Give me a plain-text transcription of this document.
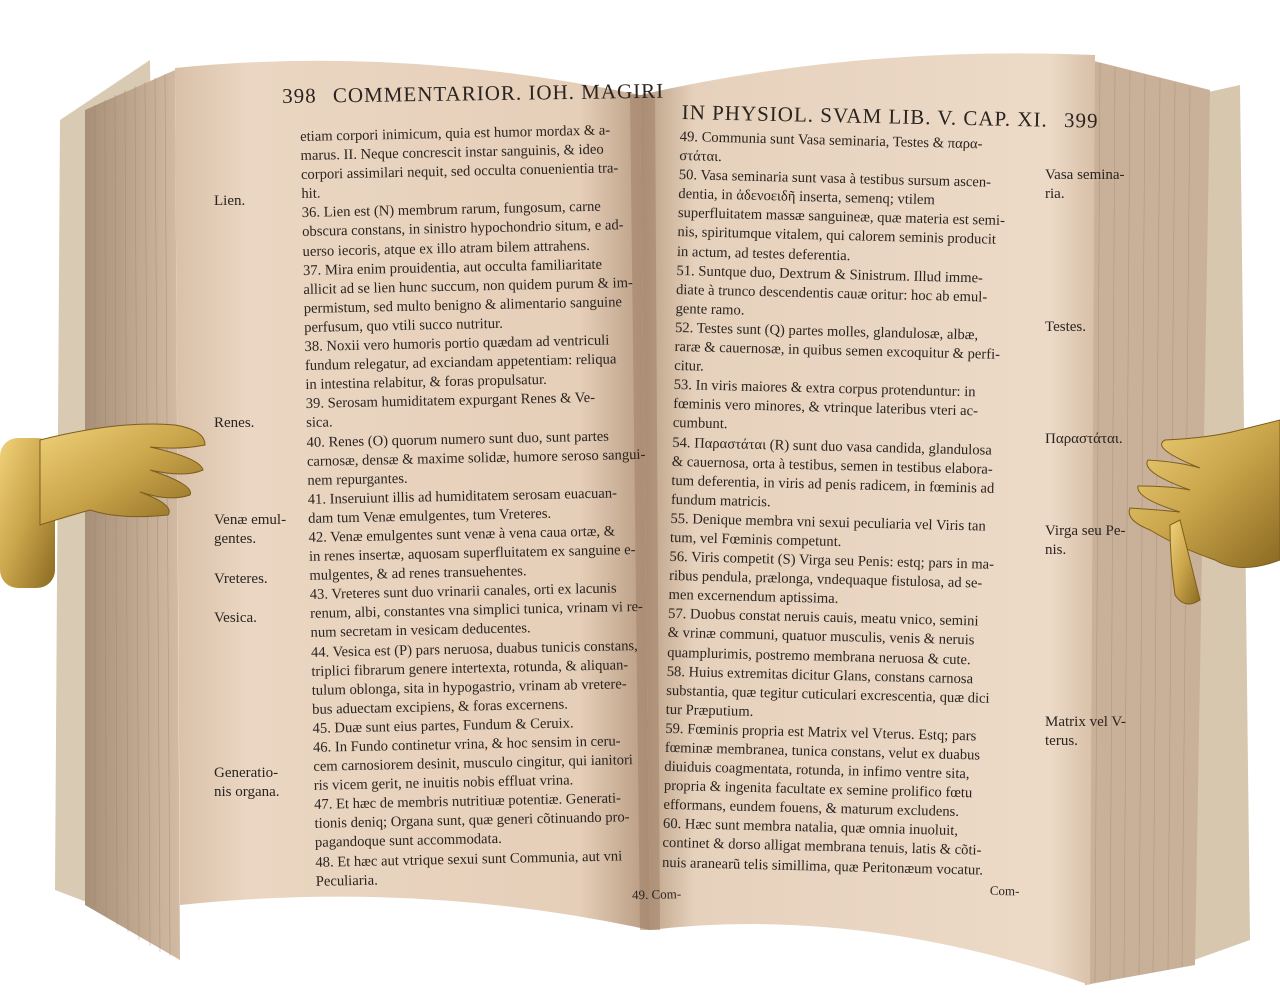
398 COMMENTARIOR. IOH. MAGIRI
IN PHYSIOL. SVAM LIB. V. CAP. XI. 399
etiam corpori inimicum, quia est humor mordax & a-
marus. II. Neque concrescit instar sanguinis, & ideo
corpori assimilari nequit, sed occulta conuenientia tra-
hit.
36. Lien est (N) membrum rarum, fungosum, carne
obscura constans, in sinistro hypochondrio situm, e ad-
uerso iecoris, atque ex illo atram bilem attrahens.
37. Mira enim prouidentia, aut occulta familiaritate
allicit ad se lien hunc succum, non quidem purum & im-
permistum, sed multo benigno & alimentario sanguine
perfusum, quo vtili succo nutritur.
38. Noxii vero humoris portio quædam ad ventriculi
fundum relegatur, ad exciandam appetentiam: reliqua
in intestina relabitur, & foras propulsatur.
39. Serosam humiditatem expurgant Renes & Ve-
sica.
40. Renes (O) quorum numero sunt duo, sunt partes
carnosæ, densæ & maxime solidæ, humore seroso sangui-
nem repurgantes.
41. Inseruiunt illis ad humiditatem serosam euacuan-
dam tum Venæ emulgentes, tum Vreteres.
42. Venæ emulgentes sunt venæ à vena caua ortæ, &
in renes insertæ, aquosam superfluitatem ex sanguine e-
mulgentes, & ad renes transuehentes.
43. Vreteres sunt duo vrinarii canales, orti ex lacunis
renum, albi, constantes vna simplici tunica, vrinam vi re-
num secretam in vesicam deducentes.
44. Vesica est (P) pars neruosa, duabus tunicis constans,
triplici fibrarum genere intertexta, rotunda, & aliquan-
tulum oblonga, sita in hypogastrio, vrinam ab vretere-
bus aduectam excipiens, & foras excernens.
45. Duæ sunt eius partes, Fundum & Ceruix.
46. In Fundo continetur vrina, & hoc sensim in ceru-
cem carnosiorem desinit, musculo cingitur, qui ianitori
ris vicem gerit, ne inuitis nobis effluat vrina.
47. Et hæc de membris nutritiuæ potentiæ. Generati-
tionis deniq; Organa sunt, quæ generi cõtinuando pro-
pagandoque sunt accommodata.
48. Et hæc aut vtrique sexui sunt Communia, aut vni
Peculiaria.
49. Com-
49. Communia sunt Vasa seminaria, Testes & παρα-
στάται.
50. Vasa seminaria sunt vasa à testibus sursum ascen-
dentia, in ἀδενοειδῆ inserta, semenq; vtilem
superfluitatem massæ sanguineæ, quæ materia est semi-
nis, spiritumque vitalem, qui calorem seminis producit
in actum, ad testes deferentia.
51. Suntque duo, Dextrum & Sinistrum. Illud imme-
diate à trunco descendentis cauæ oritur: hoc ab emul-
gente ramo.
52. Testes sunt (Q) partes molles, glandulosæ, albæ,
raræ & cauernosæ, in quibus semen excoquitur & perfi-
citur.
53. In viris maiores & extra corpus protenduntur: in
fœminis vero minores, & vtrinque lateribus vteri ac-
cumbunt.
54. Παραστάται (R) sunt duo vasa candida, glandulosa
& cauernosa, orta à testibus, semen in testibus elabora-
tum deferentia, in viris ad penis radicem, in fœminis ad
fundum matricis.
55. Denique membra vni sexui peculiaria vel Viris tan
tum, vel Fœminis competunt.
56. Viris competit (S) Virga seu Penis: estq; pars in ma-
ribus pendula, prælonga, vndequaque fistulosa, ad se-
men excernendum aptissima.
57. Duobus constat neruis cauis, meatu vnico, semini
& vrinæ communi, quatuor musculis, venis & neruis
quamplurimis, postremo membrana neruosa & cute.
58. Huius extremitas dicitur Glans, constans carnosa
substantia, quæ tegitur cuticulari excrescentia, quæ dici
tur Præputium.
59. Fœminis propria est Matrix vel Vterus. Estq; pars
fœminæ membranea, tunica constans, velut ex duabus
diuiduis coagmentata, rotunda, in infimo ventre sita,
propria & ingenita facultate ex semine prolifico fœtu
efformans, eundem fouens, & maturum excludens.
60. Hæc sunt membra natalia, quæ omnia inuoluit,
continet & dorso alligat membrana tenuis, latis & cõti-
nuis aranearũ telis simillima, quæ Peritonæum vocatur.
Com-
Lien.
Renes.
Venæ emul-
gentes.
Vreteres.
Vesica.
Generatio-
nis organa.
Vasa semina-
ria.
Testes.
Παραστάται.
Virga seu Pe-
nis.
Matrix vel V-
terus.
